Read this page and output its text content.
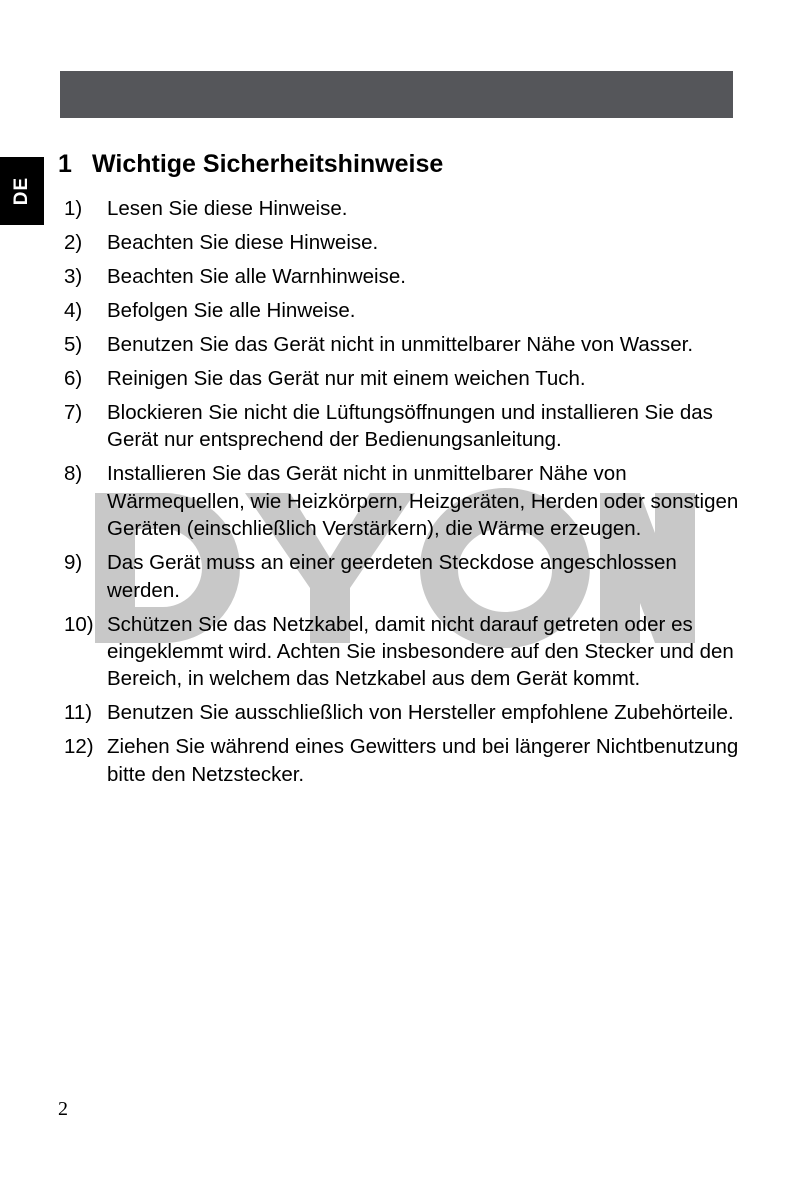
DE
1 Wichtige Sicherheitshinweise
1) Lesen Sie diese Hinweise.
2) Beachten Sie diese Hinweise.
3) Beachten Sie alle Warnhinweise.
4) Befolgen Sie alle Hinweise.
5) Benutzen Sie das Gerät nicht in unmittelbarer Nähe von Wasser.
6) Reinigen Sie das Gerät nur mit einem weichen Tuch.
7) Blockieren Sie nicht die Lüftungsöffnungen und installieren Sie das Gerät nur entsprechend der Bedienungsanleitung.
8) Installieren Sie das Gerät nicht in unmittelbarer Nähe von Wärmequellen, wie Heizkörpern, Heizgeräten, Herden oder sonstigen Geräten (einschließlich Verstärkern), die Wärme erzeugen.
9) Das Gerät muss an einer geerdeten Steckdose angeschlossen werden.
10) Schützen Sie das Netzkabel, damit nicht darauf getreten oder es eingeklemmt wird. Achten Sie insbesondere auf den Stecker und den Bereich, in welchem das Netzkabel aus dem Gerät kommt.
11) Benutzen Sie ausschließlich von Hersteller empfohlene Zubehörteile.
12) Ziehen Sie während eines Gewitters und bei längerer Nichtbenutzung bitte den Netzstecker.
2
